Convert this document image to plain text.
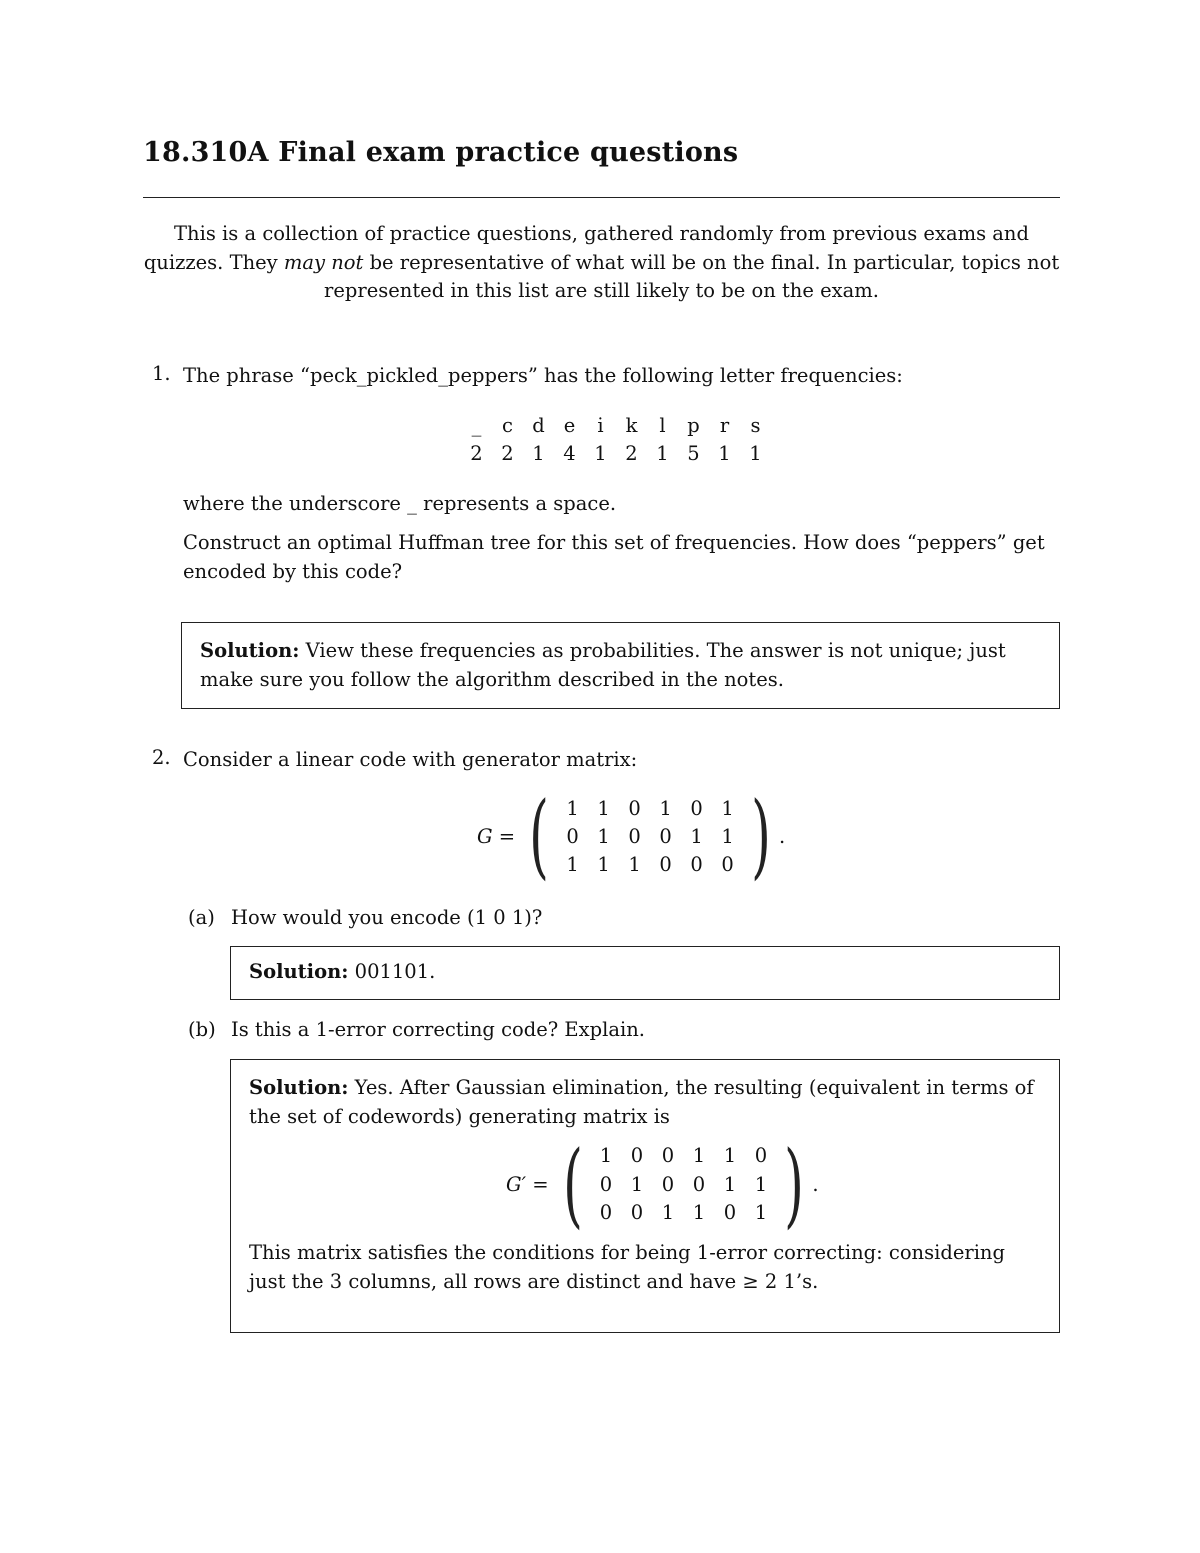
18.310A Final exam practice questions
This is a collection of practice questions, gathered randomly from previous exams and quizzes. They may not be representative of what will be on the final. In particular, topics not represented in this list are still likely to be on the exam.
1. The phrase “peck_pickled_peppers” has the following letter frequencies:
_	c	d	e	i	k	l	p	r	s
2	2	1	4	1	2	1	5	1	1
where the underscore _ represents a space.
Construct an optimal Huffman tree for this set of frequencies. How does “peppers” get encoded by this code?
Solution: View these frequencies as probabilities. The answer is not unique; just make sure you follow the algorithm described in the notes.
2. Consider a linear code with generator matrix:
G = ( 1	1	0	1	0	1
0	1	0	0	1	1
1	1	1	0	0	0 ) .
(a) How would you encode (1 0 1)?
Solution: 001101.
(b) Is this a 1-error correcting code? Explain.
Solution: Yes. After Gaussian elimination, the resulting (equivalent in terms of the set of codewords) generating matrix is
G′ = ( 1	0	0	1	1	0
0	1	0	0	1	1
0	0	1	1	0	1 ) .
This matrix satisfies the conditions for being 1-error correcting: considering just the 3 columns, all rows are distinct and have ≥ 2 1’s.
